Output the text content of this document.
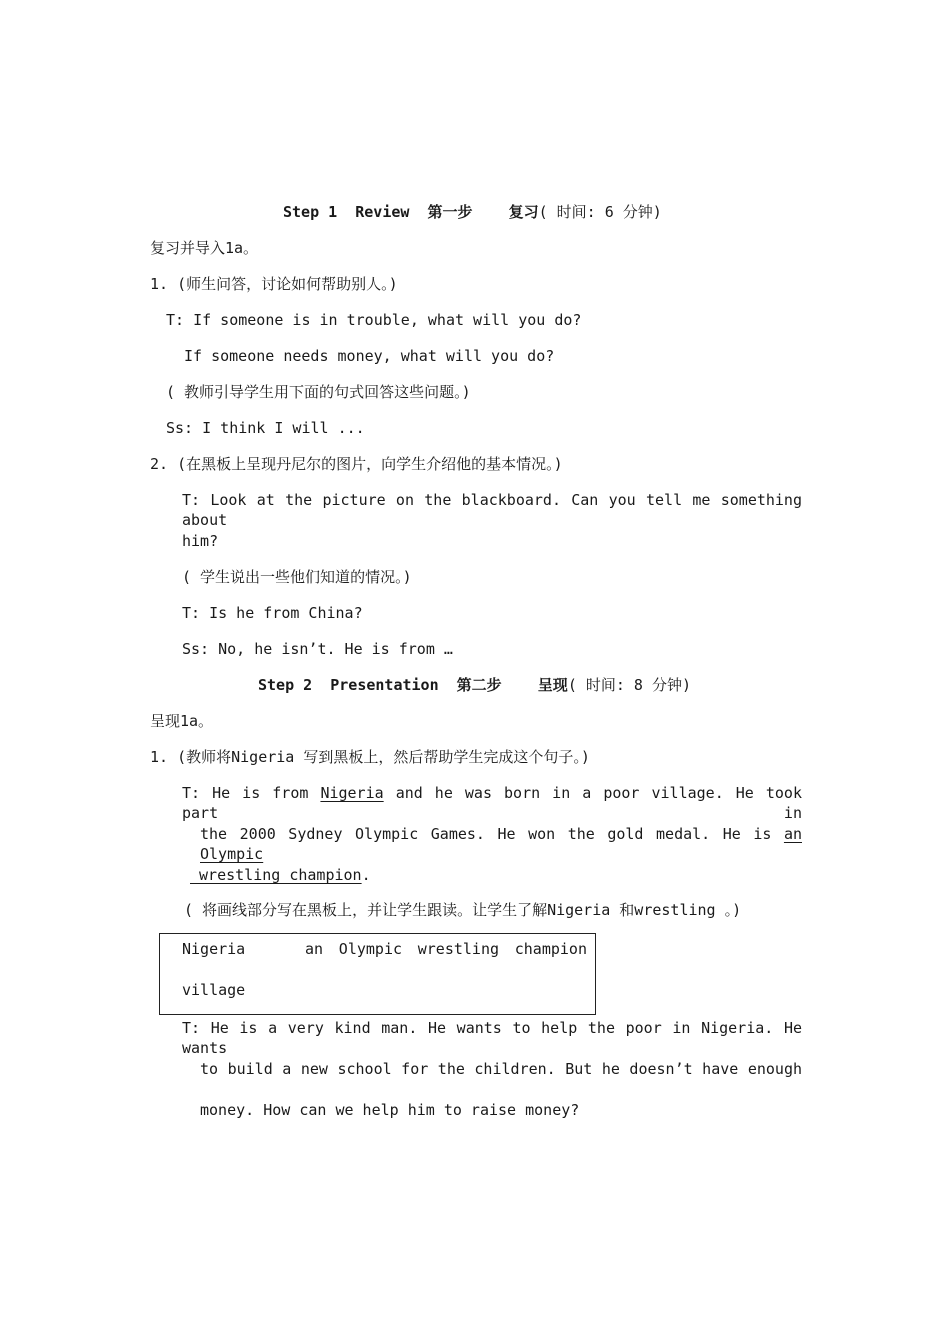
Step 1  Review  第一步    复习( 时间: 6 分钟)
复习并导入1a。
1. (师生问答，讨论如何帮助别人。)
T: If someone is in trouble, what will you do?
If someone needs money, what will you do?
( 教师引导学生用下面的句式回答这些问题。)
Ss: I think I will ...
2. (在黑板上呈现丹尼尔的图片，向学生介绍他的基本情况。)
T: Look at the picture on the blackboard. Can you tell me something about
him?
( 学生说出一些他们知道的情况。)
T: Is he from China?
Ss: No, he isn’t. He is from …
Step 2  Presentation  第二步    呈现( 时间: 8 分钟)
呈现1a。
1. (教师将Nigeria 写到黑板上，然后帮助学生完成这个句子。)
T: He is from Nigeria and he was born in a poor village. He took part in
the 2000 Sydney Olympic Games. He won the gold medal. He is an Olympic
wrestling champion.
( 将画线部分写在黑板上，并让学生跟读。让学生了解Nigeria 和wrestling 。)
Nigeria	an Olympic wrestling champion
village
T: He is a very kind man. He wants to help the poor in Nigeria. He wants
to build a new school for the children. But he doesn’t have enough
money. How can we help him to raise money?
